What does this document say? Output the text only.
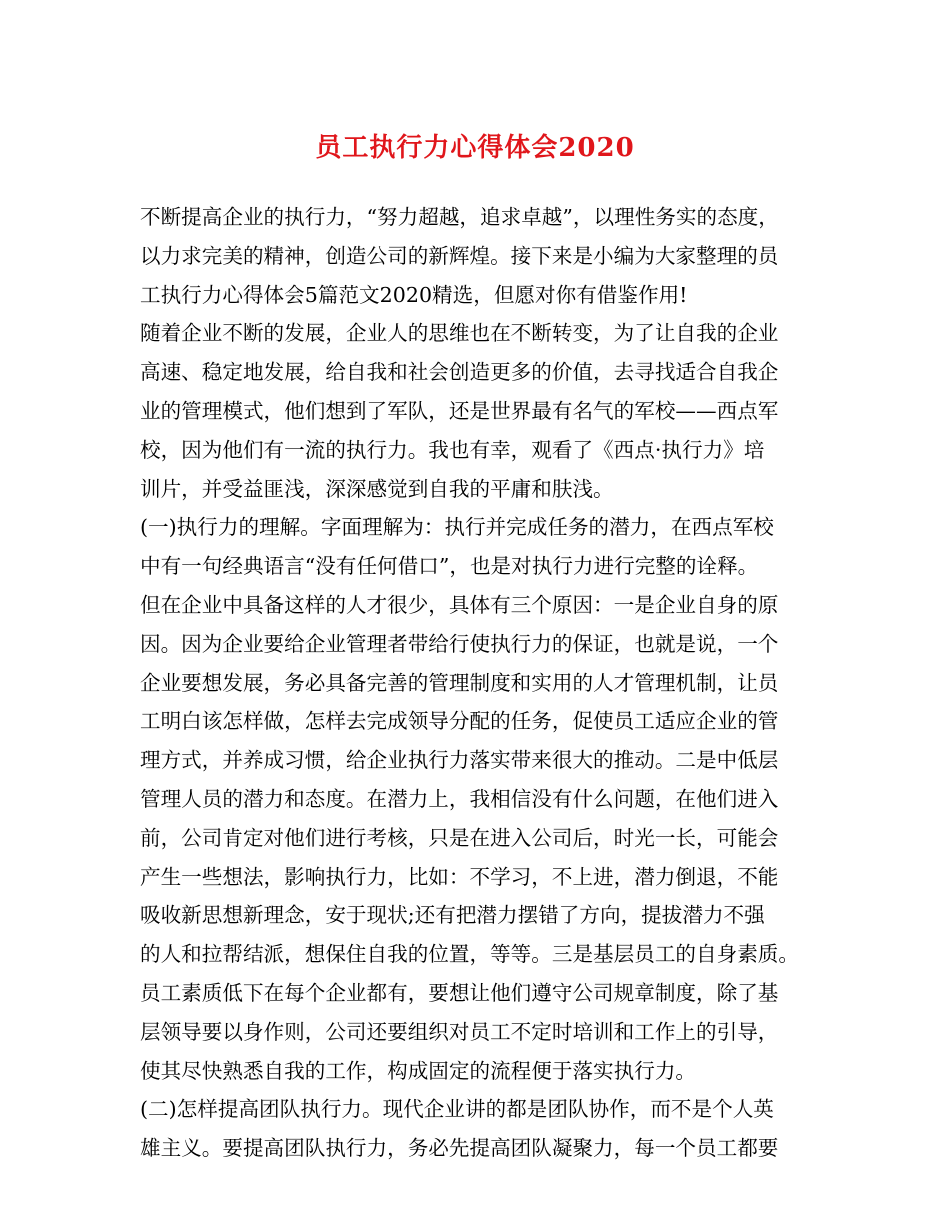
员工执行力心得体会2020
不断提高企业的执行力，“努力超越，追求卓越”，以理性务实的态度，
以力求完美的精神，创造公司的新辉煌。接下来是小编为大家整理的员
工执行力心得体会5篇范文2020精选，但愿对你有借鉴作用!
随着企业不断的发展，企业人的思维也在不断转变，为了让自我的企业
高速、稳定地发展，给自我和社会创造更多的价值，去寻找适合自我企
业的管理模式，他们想到了军队，还是世界最有名气的军校——西点军
校，因为他们有一流的执行力。我也有幸，观看了《西点·执行力》培
训片，并受益匪浅，深深感觉到自我的平庸和肤浅。
(一)执行力的理解。字面理解为：执行并完成任务的潜力，在西点军校
中有一句经典语言“没有任何借口”，也是对执行力进行完整的诠释。
但在企业中具备这样的人才很少，具体有三个原因：一是企业自身的原
因。因为企业要给企业管理者带给行使执行力的保证，也就是说，一个
企业要想发展，务必具备完善的管理制度和实用的人才管理机制，让员
工明白该怎样做，怎样去完成领导分配的任务，促使员工适应企业的管
理方式，并养成习惯，给企业执行力落实带来很大的推动。二是中低层
管理人员的潜力和态度。在潜力上，我相信没有什么问题，在他们进入
前，公司肯定对他们进行考核，只是在进入公司后，时光一长，可能会
产生一些想法，影响执行力，比如：不学习，不上进，潜力倒退，不能
吸收新思想新理念，安于现状;还有把潜力摆错了方向，提拔潜力不强
的人和拉帮结派，想保住自我的位置，等等。三是基层员工的自身素质。
员工素质低下在每个企业都有，要想让他们遵守公司规章制度，除了基
层领导要以身作则，公司还要组织对员工不定时培训和工作上的引导，
使其尽快熟悉自我的工作，构成固定的流程便于落实执行力。
(二)怎样提高团队执行力。现代企业讲的都是团队协作，而不是个人英
雄主义。要提高团队执行力，务必先提高团队凝聚力，每一个员工都要
